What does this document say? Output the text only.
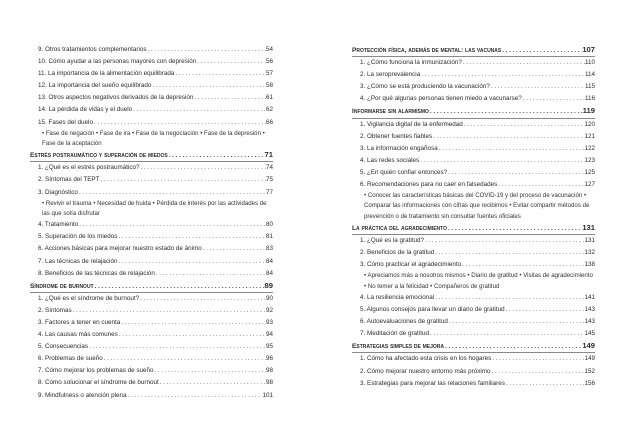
9. Otros tratamientos complementarios .....	54
10. Cómo ayudar a las personas mayores con depresión .....	56
11. La importancia de la alimentación equilibrada .....	57
12. La importancia del sueño equilibrado .....	58
13. Otros aspectos negativos derivados de la depresión .....	61
14. La pérdida de vidas y el duelo .....	62
15. Fases del duelo .....	66
• Fase de negación • Fase de ira • Fase de la negociación • Fase de la depresión • Fase de la aceptación
Estrés postraumático y superación de miedos .....	71
1. ¿Qué es el estrés postraumático? .....	74
2. Síntomas del TEPT .....	75
3. Diagnóstico .....	77
• Revivir el trauma • Necesidad de huida • Pérdida de interés por las actividades de las que solía disfrutar
4. Tratamiento .....	80
5. Superación de los miedos .....	81
6. Acciones básicas para mejorar nuestro estado de ánimo .....	83
7. Las técnicas de relajación .....	84
8. Beneficios de las técnicas de relajación .....	84
Síndrome de burnout .....	89
1. ¿Qué es el síndrome de burnout? .....	90
2. Síntomas .....	92
3. Factores a tener en cuenta .....	93
4. Las causas más comunes .....	94
5. Consecuencias .....	95
6. Problemas de sueño .....	96
7. Cómo mejorar los problemas de sueño .....	98
8. Cómo solucionar el síndrome de burnout .....	98
9. Mindfulness o atención plena .....	101
Protección física, además de mental: las vacunas .....	107
1. ¿Cómo funciona la inmunización? .....	110
2. La seroprevalencia .....	114
3. ¿Cómo se está produciendo la vacunación? .....	115
4. ¿Por qué algunas personas tienen miedo a vacunarse? .....	116
Informarse sin alarmismo .....	119
1. Vigilancia digital de la enfermedad .....	120
2. Obtener fuentes fiables .....	121
3. La información engañosa .....	122
4. Las redes sociales .....	123
5. ¿En quién confiar entonces? .....	125
6. Recomendaciones para no caer en falsedades .....	127
• Conocer las características básicas del COVID-19 y del proceso de vacunación • Comparar las informaciones con cifras que recibimos • Evitar compartir métodos de prevención o de tratamiento sin consultar fuentes oficiales
La práctica del agradecimiento .....	131
1. ¿Qué es la gratitud? .....	131
2. Beneficios de la gratitud .....	132
3. Cómo practicar el agradecimiento .....	138
• Apreciamos más a nosotros mismos • Diario de gratitud • Visitas de agradecimiento • No temer a la felicidad • Compañeros de gratitud
4. La resiliencia emocional .....	141
5. Algunos consejos para llevar un diario de gratitud .....	143
6. Autoevaluaciones de gratitud .....	143
7. Meditación de gratitud .....	145
Estrategias simples de mejora .....	149
1. Cómo ha afectado esta crisis en los hogares .....	149
2. Cómo mejorar nuestro entorno más próximo .....	152
3. Estrategias para mejorar las relaciones familiares .....	156
